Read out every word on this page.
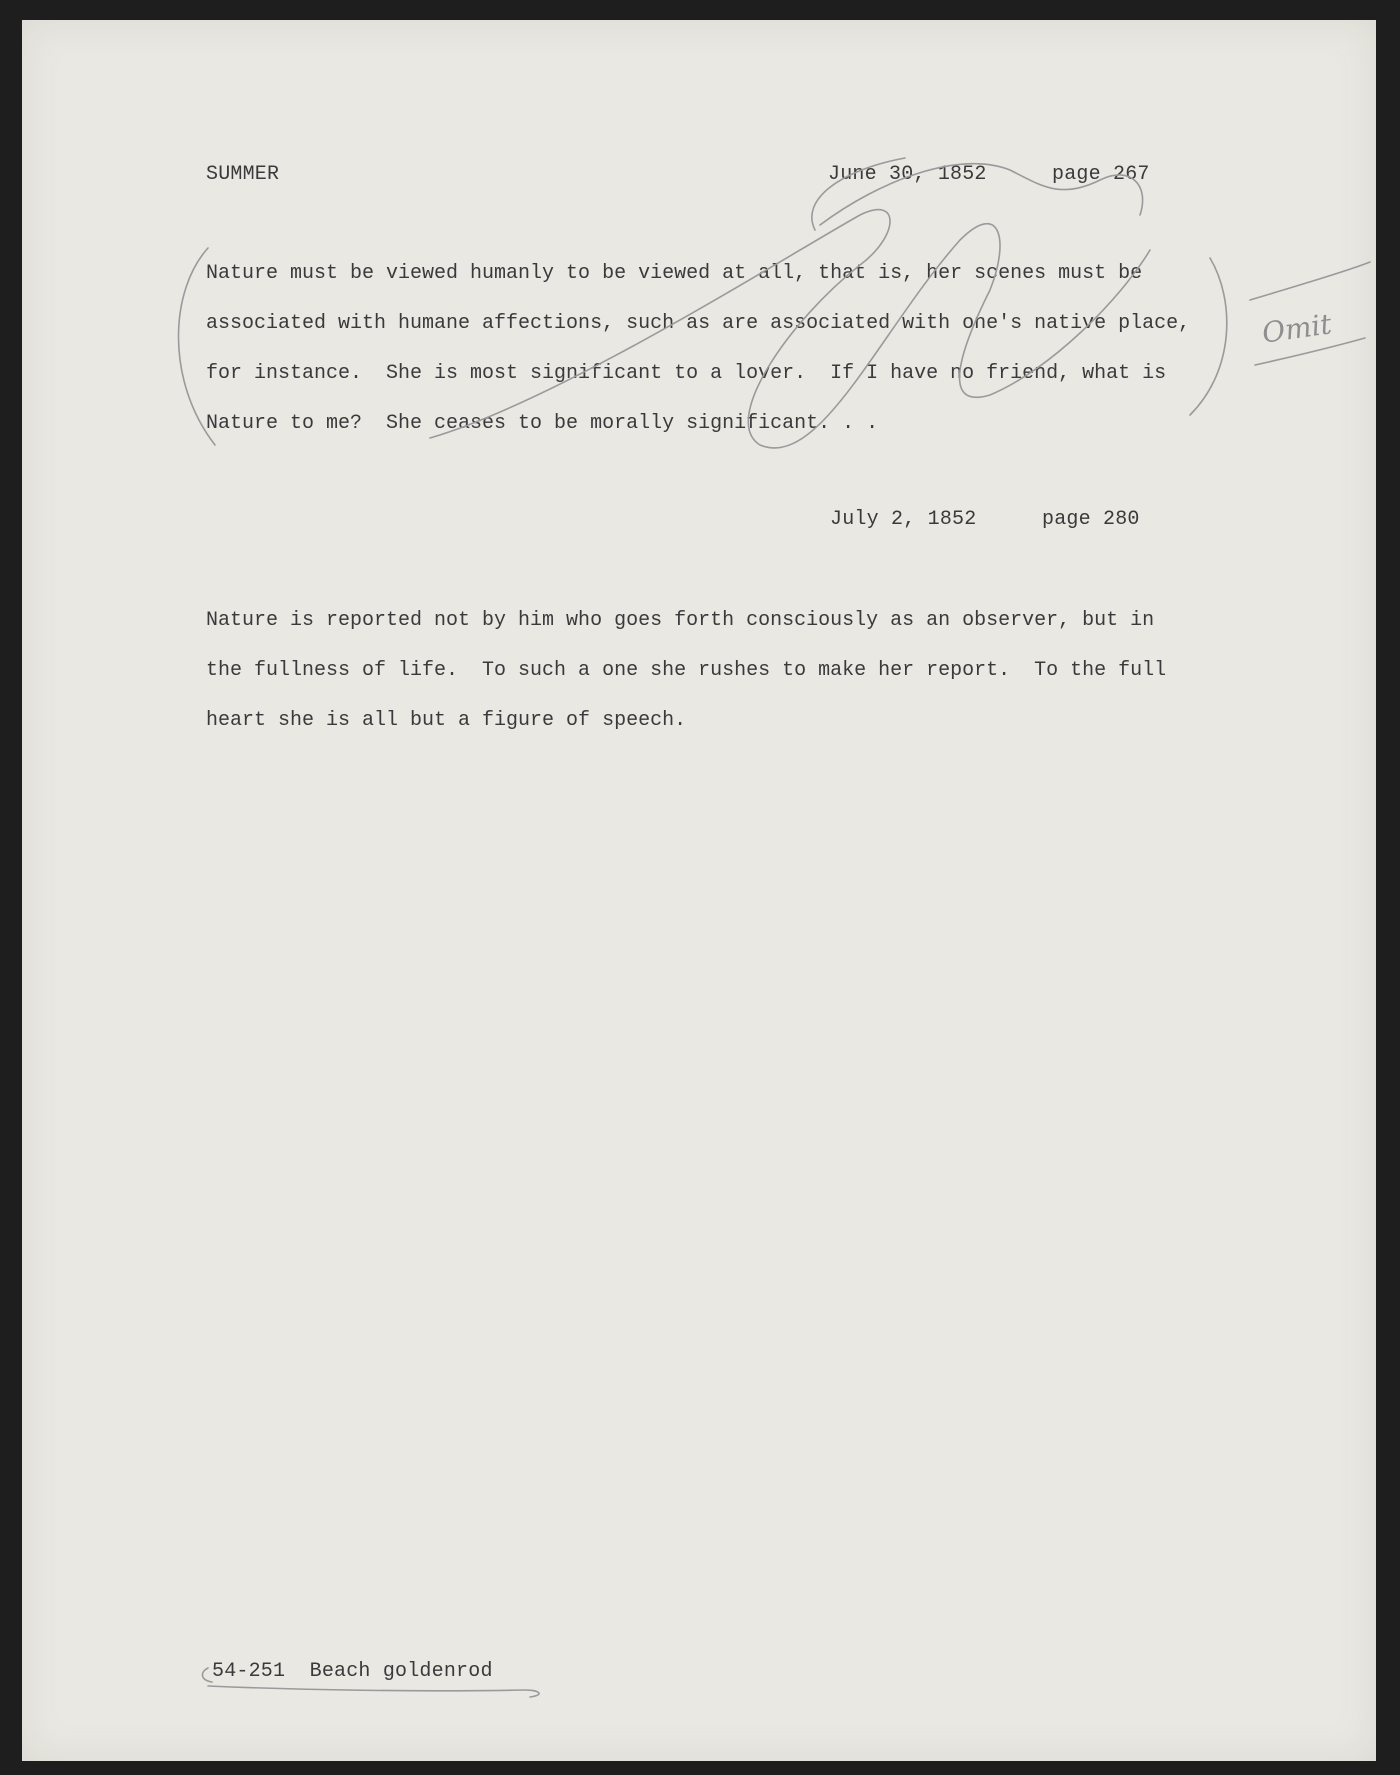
SUMMER	June 30, 1852	page 267
Nature must be viewed humanly to be viewed at all, that is, her scenes must be
associated with humane affections, such as are associated with one's native place,
for instance.  She is most significant to a lover.  If I have no friend, what is
Nature to me?  She ceases to be morally significant. . .
July 2, 1852	page 280
Nature is reported not by him who goes forth consciously as an observer, but in
the fullness of life.  To such a one she rushes to make her report.  To the full
heart she is all but a figure of speech.
Omit
54-251  Beach goldenrod
